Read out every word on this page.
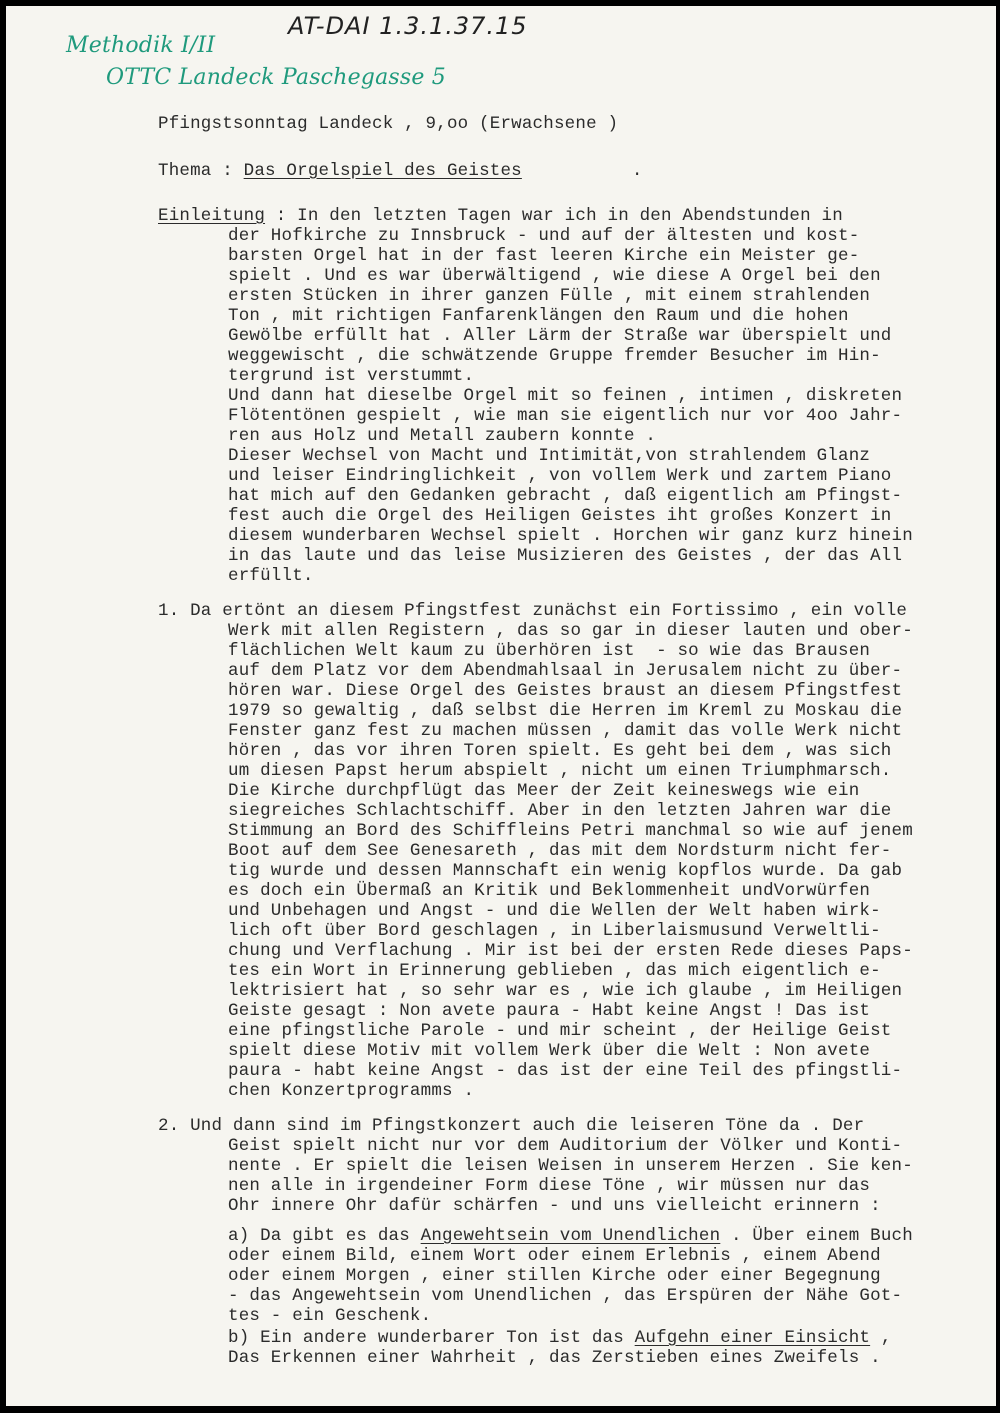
Methodik I/II
OTTC Landeck Paschegasse 5
AT-DAI 1.3.1.37.15
Pfingstsonntag Landeck , 9,oo (Erwachsene )
Thema : Das Orgelspiel des Geistes	.
Einleitung : In den letzten Tagen war ich in den Abendstunden in
der Hofkirche zu Innsbruck - und auf der ältesten und kost-
barsten Orgel hat in der fast leeren Kirche ein Meister ge-
spielt . Und es war überwältigend , wie diese A Orgel bei den
ersten Stücken in ihrer ganzen Fülle , mit einem strahlenden
Ton , mit richtigen Fanfarenklängen den Raum und die hohen
Gewölbe erfüllt hat . Aller Lärm der Straße war überspielt und
weggewischt , die schwätzende Gruppe fremder Besucher im Hin-
tergrund ist verstummt.
Und dann hat dieselbe Orgel mit so feinen , intimen , diskreten
Flötentönen gespielt , wie man sie eigentlich nur vor 4oo Jahr-
ren aus Holz und Metall zaubern konnte .
Dieser Wechsel von Macht und Intimität,von strahlendem Glanz
und leiser Eindringlichkeit , von vollem Werk und zartem Piano
hat mich auf den Gedanken gebracht , daß eigentlich am Pfingst-
fest auch die Orgel des Heiligen Geistes iht großes Konzert in
diesem wunderbaren Wechsel spielt . Horchen wir ganz kurz hinein
in das laute und das leise Musizieren des Geistes , der das All
erfüllt.
1. Da ertönt an diesem Pfingstfest zunächst ein Fortissimo , ein volle
Werk mit allen Registern , das so gar in dieser lauten und ober-
flächlichen Welt kaum zu überhören ist  - so wie das Brausen
auf dem Platz vor dem Abendmahlsaal in Jerusalem nicht zu über-
hören war. Diese Orgel des Geistes braust an diesem Pfingstfest
1979 so gewaltig , daß selbst die Herren im Kreml zu Moskau die
Fenster ganz fest zu machen müssen , damit das volle Werk nicht
hören , das vor ihren Toren spielt. Es geht bei dem , was sich
um diesen Papst herum abspielt , nicht um einen Triumphmarsch.
Die Kirche durchpflügt das Meer der Zeit keineswegs wie ein
siegreiches Schlachtschiff. Aber in den letzten Jahren war die
Stimmung an Bord des Schiffleins Petri manchmal so wie auf jenem
Boot auf dem See Genesareth , das mit dem Nordsturm nicht fer-
tig wurde und dessen Mannschaft ein wenig kopflos wurde. Da gab
es doch ein Übermaß an Kritik und Beklommenheit undVorwürfen
und Unbehagen und Angst - und die Wellen der Welt haben wirk-
lich oft über Bord geschlagen , in Liberlaismusund Verweltli-
chung und Verflachung . Mir ist bei der ersten Rede dieses Paps-
tes ein Wort in Erinnerung geblieben , das mich eigentlich e-
lektrisiert hat , so sehr war es , wie ich glaube , im Heiligen
Geiste gesagt : Non avete paura - Habt keine Angst ! Das ist
eine pfingstliche Parole - und mir scheint , der Heilige Geist
spielt diese Motiv mit vollem Werk über die Welt : Non avete
paura - habt keine Angst - das ist der eine Teil des pfingstli-
chen Konzertprogramms .
2. Und dann sind im Pfingstkonzert auch die leiseren Töne da . Der
Geist spielt nicht nur vor dem Auditorium der Völker und Konti-
nente . Er spielt die leisen Weisen in unserem Herzen . Sie ken-
nen alle in irgendeiner Form diese Töne , wir müssen nur das
Ohr innere Ohr dafür schärfen - und uns vielleicht erinnern :
a) Da gibt es das Angewehtsein vom Unendlichen . Über einem Buch
oder einem Bild, einem Wort oder einem Erlebnis , einem Abend
oder einem Morgen , einer stillen Kirche oder einer Begegnung
- das Angewehtsein vom Unendlichen , das Erspüren der Nähe Got-
tes - ein Geschenk.
b) Ein andere wunderbarer Ton ist das Aufgehn einer Einsicht ,
Das Erkennen einer Wahrheit , das Zerstieben eines Zweifels .
